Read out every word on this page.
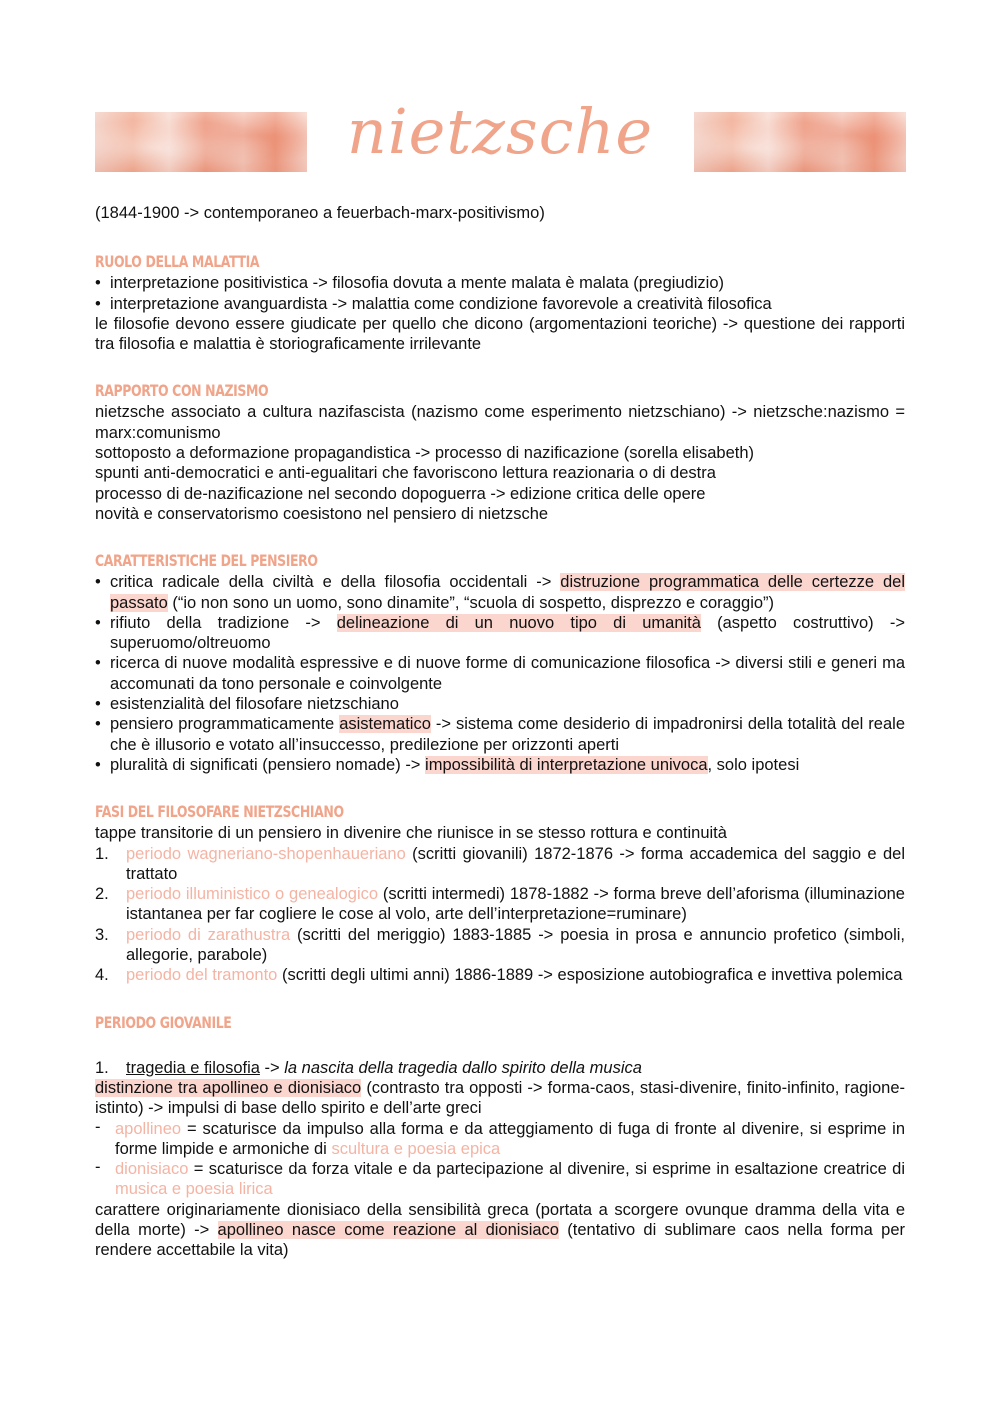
nietzsche

(1844-1900 -> contemporaneo a feuerbach-marx-positivismo)

RUOLO DELLA MALATTIA
• interpretazione positivistica -> filosofia dovuta a mente malata è malata (pregiudizio)
• interpretazione avanguardista -> malattia come condizione favorevole a creatività filosofica

le filosofie devono essere giudicate per quello che dicono (argomentazioni teoriche) -> questione dei rapporti tra filosofia e malattia è storiograficamente irrilevante

RAPPORTO CON NAZISMO

nietzsche associato a cultura nazifascista (nazismo come esperimento nietzschiano) -> nietzsche:nazismo = marx:comunismo

sottoposto a deformazione propagandistica -> processo di nazificazione (sorella elisabeth)

spunti anti-democratici e anti-egualitari che favoriscono lettura reazionaria o di destra

processo di de-nazificazione nel secondo dopoguerra -> edizione critica delle opere

novità e conservatorismo coesistono nel pensiero di nietzsche

CARATTERISTICHE DEL PENSIERO
• critica radicale della civiltà e della filosofia occidentali -> distruzione programmatica delle certezze del passato (“io non sono un uomo, sono dinamite”, “scuola di sospetto, disprezzo e coraggio”)
• rifiuto della tradizione -> delineazione di un nuovo tipo di umanità (aspetto costruttivo) -> superuomo/oltreuomo
• ricerca di nuove modalità espressive e di nuove forme di comunicazione filosofica -> diversi stili e generi ma accomunati da tono personale e coinvolgente
• esistenzialità del filosofare nietzschiano
• pensiero programmaticamente asistematico -> sistema come desiderio di impadronirsi della totalità del reale che è illusorio e votato all’insuccesso, predilezione per orizzonti aperti
• pluralità di significati (pensiero nomade) -> impossibilità di interpretazione univoca, solo ipotesi
FASI DEL FILOSOFARE NIETZSCHIANO

tappe transitorie di un pensiero in divenire che riunisce in se stesso rottura e continuità

1. periodo wagneriano-shopenhaueriano (scritti giovanili) 1872-1876 -> forma accademica del saggio e del trattato
2. periodo illuministico o genealogico (scritti intermedi) 1878-1882 -> forma breve dell’aforisma (illuminazione istantanea per far cogliere le cose al volo, arte dell’interpretazione=ruminare)
3. periodo di zarathustra (scritti del meriggio) 1883-1885 -> poesia in prosa e annuncio profetico (simboli, allegorie, parabole)
4. periodo del tramonto (scritti degli ultimi anni) 1886-1889 -> esposizione autobiografica e invettiva polemica
PERIODO GIOVANILE
1. tragedia e filosofia -> la nascita della tragedia dallo spirito della musica

distinzione tra apollineo e dionisiaco (contrasto tra opposti -> forma-caos, stasi-divenire, finito-infinito, ragione-istinto) -> impulsi di base dello spirito e dell’arte greci

‐ apollineo = scaturisce da impulso alla forma e da atteggiamento di fuga di fronte al divenire, si esprime in forme limpide e armoniche di scultura e poesia epica
‐ dionisiaco = scaturisce da forza vitale e da partecipazione al divenire, si esprime in esaltazione creatrice di musica e poesia lirica

carattere originariamente dionisiaco della sensibilità greca (portata a scorgere ovunque dramma della vita e della morte) -> apollineo nasce come reazione al dionisiaco (tentativo di sublimare caos nella forma per rendere accettabile la vita)
